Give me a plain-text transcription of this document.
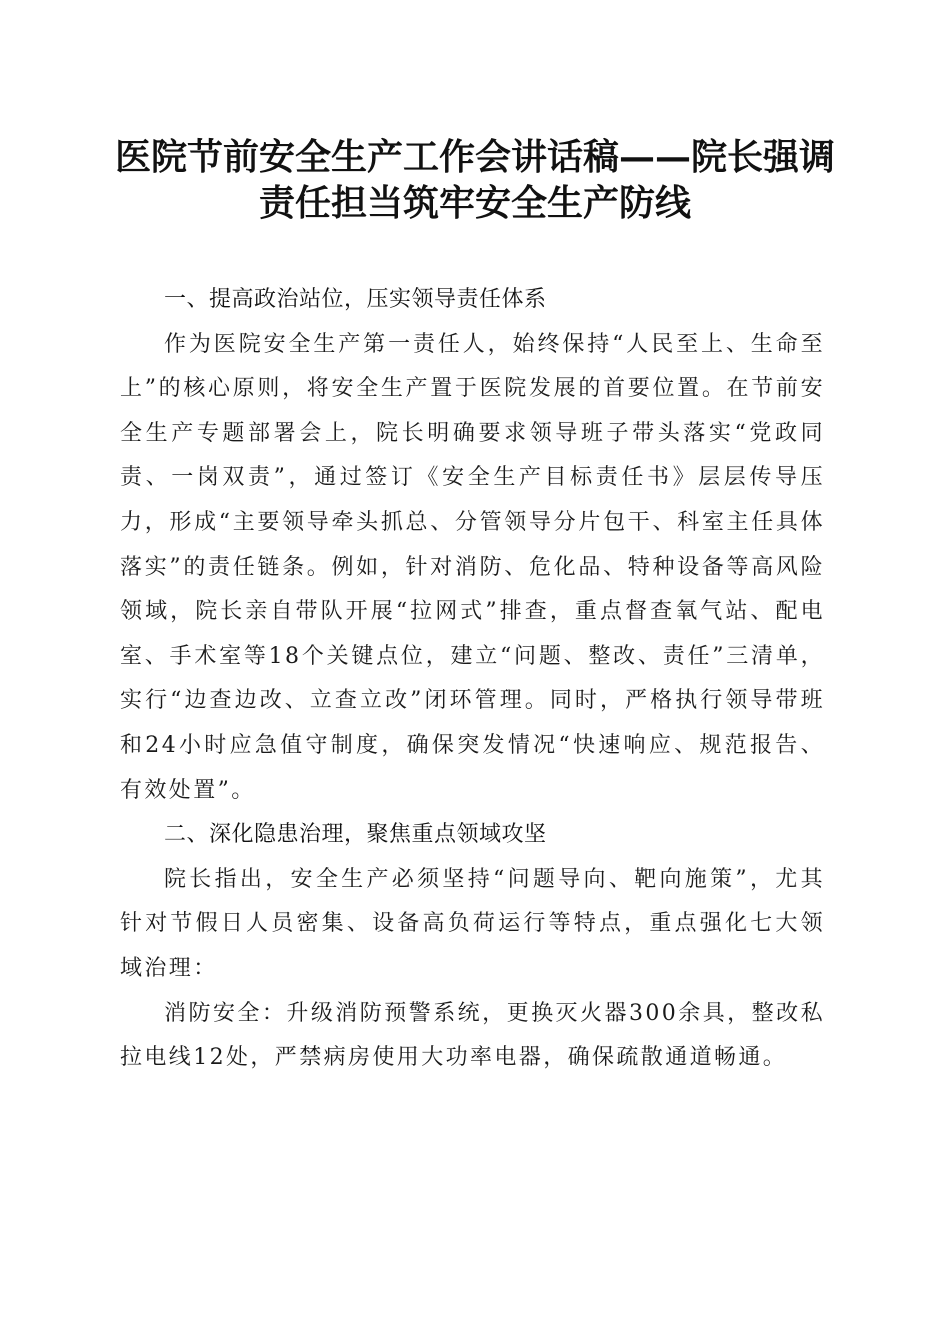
医院节前安全生产工作会讲话稿——院长强调
责任担当筑牢安全生产防线
一、提高政治站位，压实领导责任体系

作为医院安全生产第一责任人，始终保持“人民至上、生命至上”的核心原则，将安全生产置于医院发展的首要位置。在节前安全生产专题部署会上，院长明确要求领导班子带头落实“党政同责、一岗双责”，通过签订《安全生产目标责任书》层层传导压力，形成“主要领导牵头抓总、分管领导分片包干、科室主任具体落实”的责任链条。例如，针对消防、危化品、特种设备等高风险领域，院长亲自带队开展“拉网式”排查，重点督查氧气站、配电室、手术室等18个关键点位，建立“问题、整改、责任”三清单，实行“边查边改、立查立改”闭环管理。同时，严格执行领导带班和24小时应急值守制度，确保突发情况“快速响应、规范报告、有效处置”。

二、深化隐患治理，聚焦重点领域攻坚

院长指出，安全生产必须坚持“问题导向、靶向施策”，尤其针对节假日人员密集、设备高负荷运行等特点，重点强化七大领域治理：

消防安全：升级消防预警系统，更换灭火器300余具，整改私拉电线12处，严禁病房使用大功率电器，确保疏散通道畅通。
